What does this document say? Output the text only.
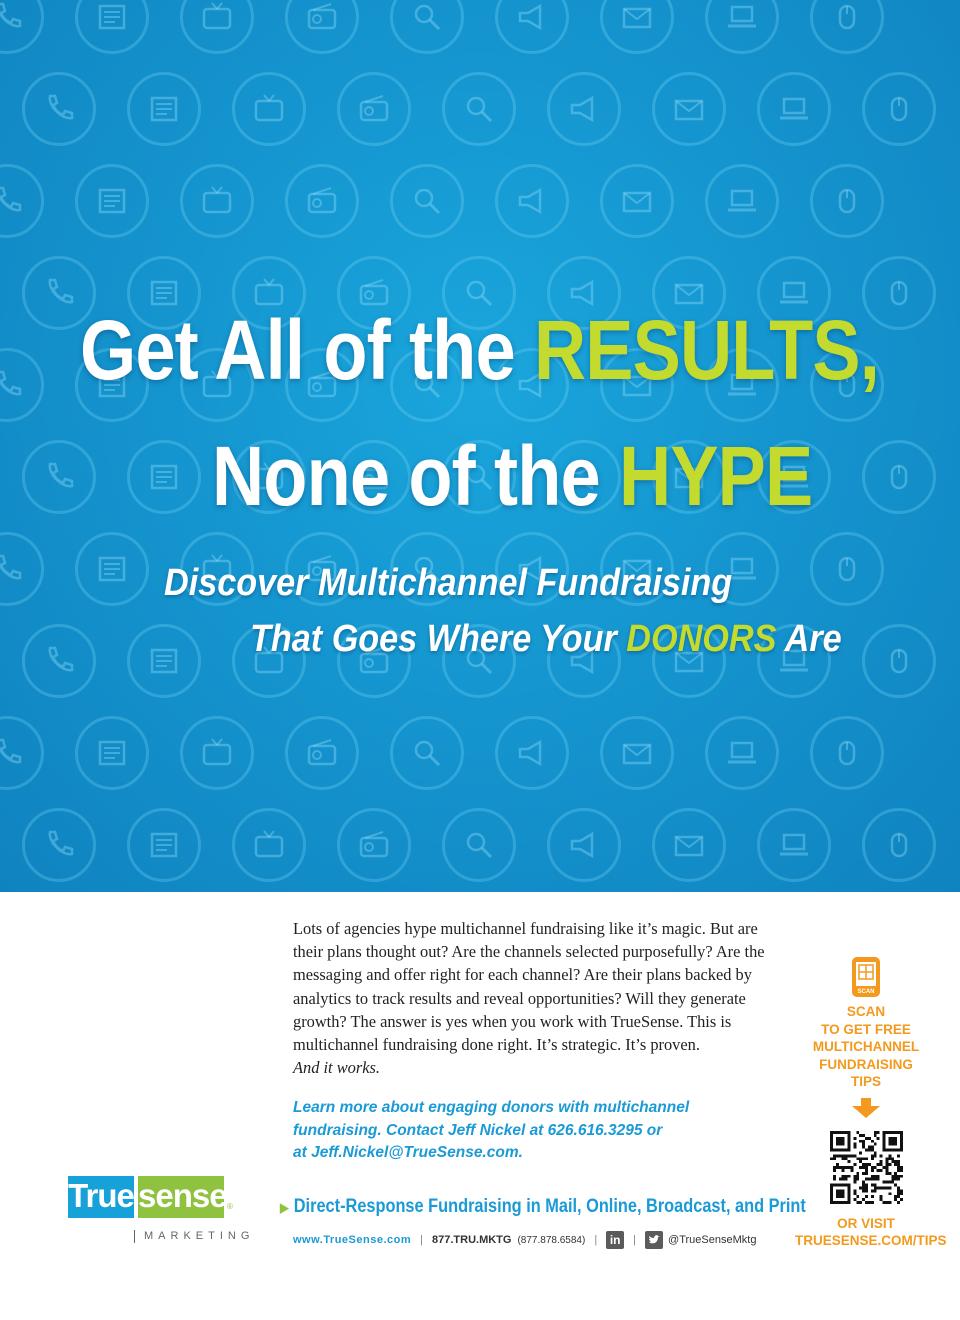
Get All of the RESULTS,
None of the HYPE
Discover Multichannel Fundraising
That Goes Where Your DONORS Are
Lots of agencies hype multichannel fundraising like it’s magic. But are
their plans thought out? Are the channels selected purposefully? Are the
messaging and offer right for each channel? Are their plans backed by
analytics to track results and reveal opportunities? Will they generate
growth? The answer is yes when you work with TrueSense. This is
multichannel fundraising done right. It’s strategic. It’s proven.
And it works.
Learn more about engaging donors with multichannel
fundraising. Contact Jeff Nickel at 626.616.3295 or
at Jeff.Nickel@TrueSense.com.
SCAN
SCAN
TO GET FREE
MULTICHANNEL
FUNDRAISING
TIPS
OR VISIT
TRUESENSE.COM/TIPS
True sense ®
MARKETING
▶ Direct-Response Fundraising in Mail, Online, Broadcast, and Print
www.TrueSense.com | 877.TRU.MKTG (877.878.6584) |	in	|	@TrueSenseMktg
